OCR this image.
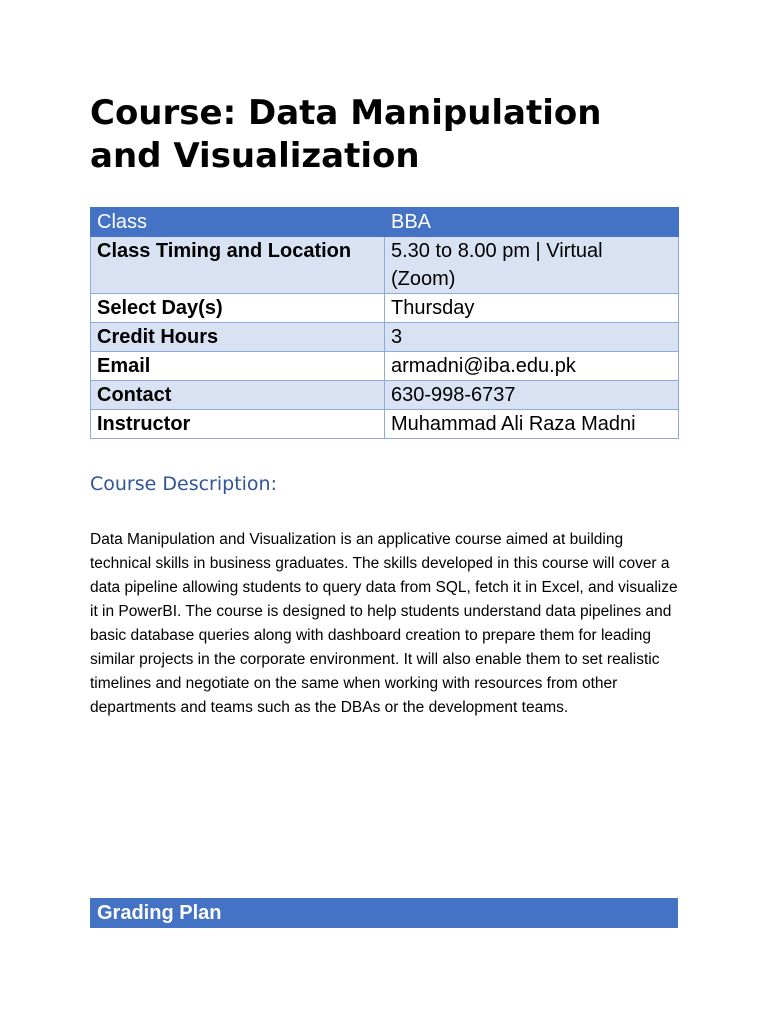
Course: Data Manipulation and Visualization
Class	BBA
Class Timing and Location	5.30 to 8.00 pm | Virtual (Zoom)
Select Day(s)	Thursday
Credit Hours	3
Email	armadni@iba.edu.pk
Contact	630-998-6737
Instructor	Muhammad Ali Raza Madni
Course Description:

Data Manipulation and Visualization is an applicative course aimed at building technical skills in business graduates. The skills developed in this course will cover a data pipeline allowing students to query data from SQL, fetch it in Excel, and visualize it in PowerBI. The course is designed to help students understand data pipelines and basic database queries along with dashboard creation to prepare them for leading similar projects in the corporate environment. It will also enable them to set realistic timelines and negotiate on the same when working with resources from other departments and teams such as the DBAs or the development teams.

Grading Plan
